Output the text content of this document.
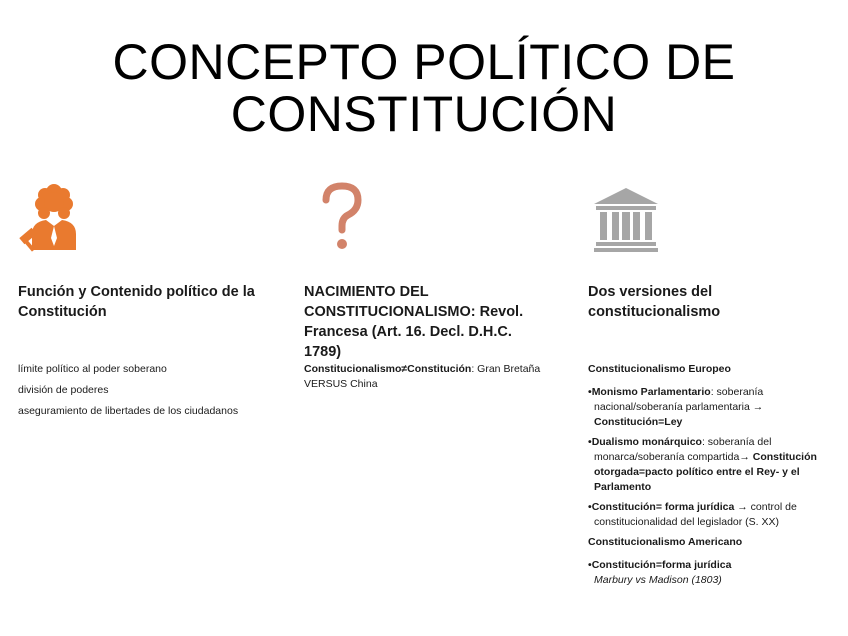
CONCEPTO POLÍTICO DE
CONSTITUCIÓN
Función y Contenido político de la Constitución

límite político al poder soberano

división de poderes

aseguramiento de libertades de los ciudadanos

NACIMIENTO DEL CONSTITUCIONALISMO: Revol. Francesa (Art. 16. Decl. D.H.C. 1789)
Constitucionalismo≠Constitución: Gran Bretaña VERSUS China
Dos versiones del constitucionalismo
Constitucionalismo Europeo
•Monismo Parlamentario: soberanía nacional/soberanía parlamentaria → Constitución=Ley
•Dualismo monárquico: soberanía del monarca/soberanía compartida→ Constitución otorgada=pacto político entre el Rey- y el Parlamento
•Constitución= forma jurídica → control de constitucionalidad del legislador (S. XX)
Constitucionalismo Americano
•Constitución=forma jurídica
Marbury vs Madison (1803)
